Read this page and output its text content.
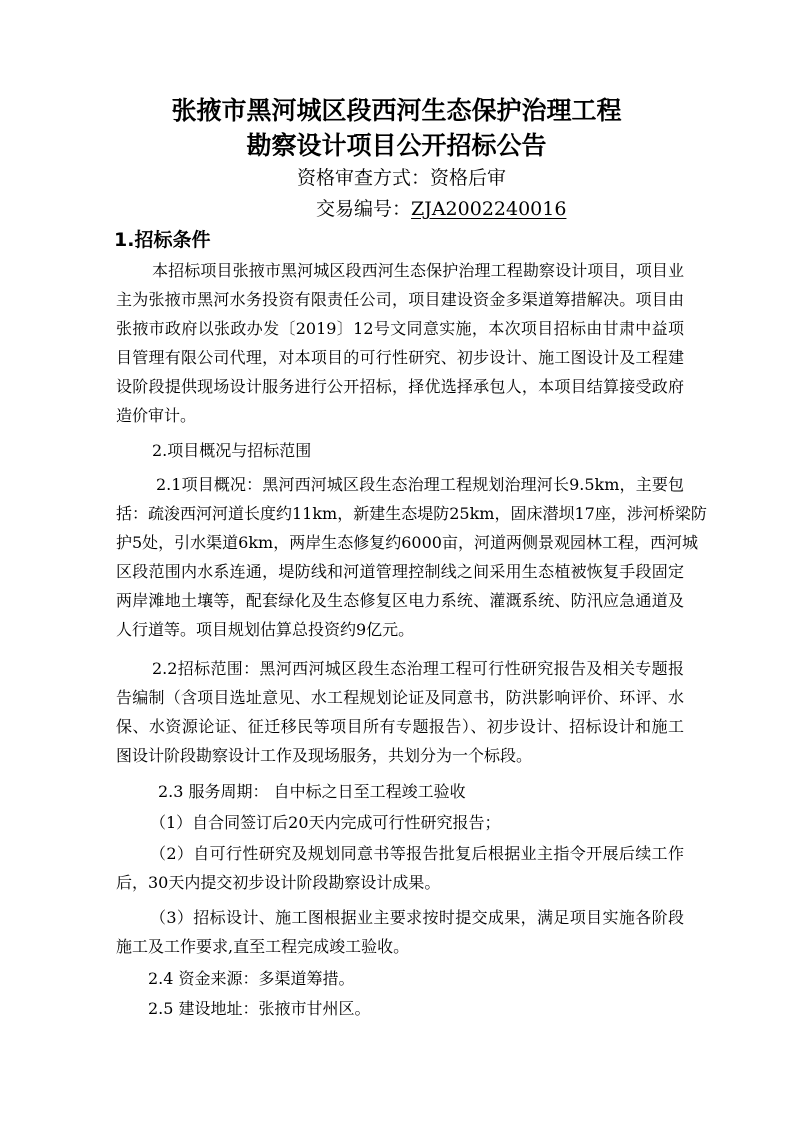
张掖市黑河城区段西河生态保护治理工程
勘察设计项目公开招标公告
资格审查方式：资格后审
交易编号：ZJA2002240016
1.招标条件
本招标项目张掖市黑河城区段西河生态保护治理工程勘察设计项目，项目业
主为张掖市黑河水务投资有限责任公司，项目建设资金多渠道筹措解决。项目由
张掖市政府以张政办发〔2019〕12号文同意实施，本次项目招标由甘肃中益项
目管理有限公司代理，对本项目的可行性研究、初步设计、施工图设计及工程建
设阶段提供现场设计服务进行公开招标，择优选择承包人，本项目结算接受政府
造价审计。
2.项目概况与招标范围
2.1项目概况：黑河西河城区段生态治理工程规划治理河长9.5km，主要包
括：疏浚西河河道长度约11km，新建生态堤防25km，固床潜坝17座，涉河桥梁防
护5处，引水渠道6km，两岸生态修复约6000亩，河道两侧景观园林工程，西河城
区段范围内水系连通，堤防线和河道管理控制线之间采用生态植被恢复手段固定
两岸滩地土壤等，配套绿化及生态修复区电力系统、灌溉系统、防汛应急通道及
人行道等。项目规划估算总投资约9亿元。
2.2招标范围：黑河西河城区段生态治理工程可行性研究报告及相关专题报
告编制（含项目选址意见、水工程规划论证及同意书，防洪影响评价、环评、水
保、水资源论证、征迁移民等项目所有专题报告）、初步设计、招标设计和施工
图设计阶段勘察设计工作及现场服务，共划分为一个标段。
2.3 服务周期： 自中标之日至工程竣工验收
（1）自合同签订后20天内完成可行性研究报告；
（2）自可行性研究及规划同意书等报告批复后根据业主指令开展后续工作
后，30天内提交初步设计阶段勘察设计成果。
（3）招标设计、施工图根据业主要求按时提交成果，满足项目实施各阶段
施工及工作要求,直至工程完成竣工验收。
2.4 资金来源：多渠道筹措。
2.5 建设地址：张掖市甘州区。
